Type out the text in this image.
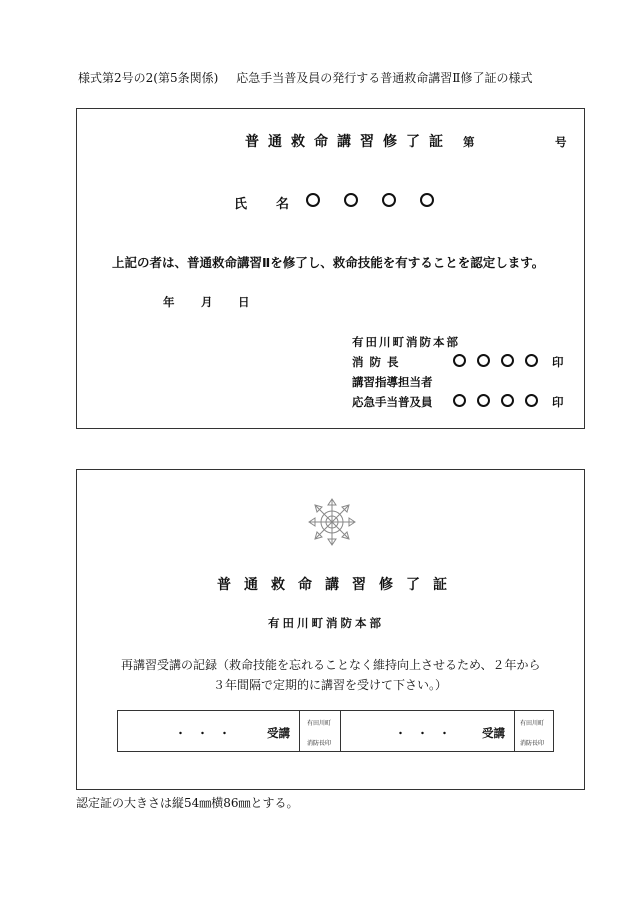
様式第2号の2(第5条関係) 応急手当普及員の発行する普通救命講習Ⅱ修了証の様式
普通救命講習修了証 第	号
氏　名
上記の者は、普通救命講習Ⅱを修了し、救命技能を有することを認定します。
年 月 日
有田川町消防本部
消 防 長	印
講習指導担当者
応急手当普及員	印
普通救命講習修了証
有田川町消防本部
再講習受講の記録（救命技能を忘れることなく維持向上させるため、２年から
３年間隔で定期的に講習を受けて下さい。）
・　・　・	受講
有田川町
消防長印
・　・　・	受講
有田川町
消防長印
認定証の大きさは縦54㎜横86㎜とする。
